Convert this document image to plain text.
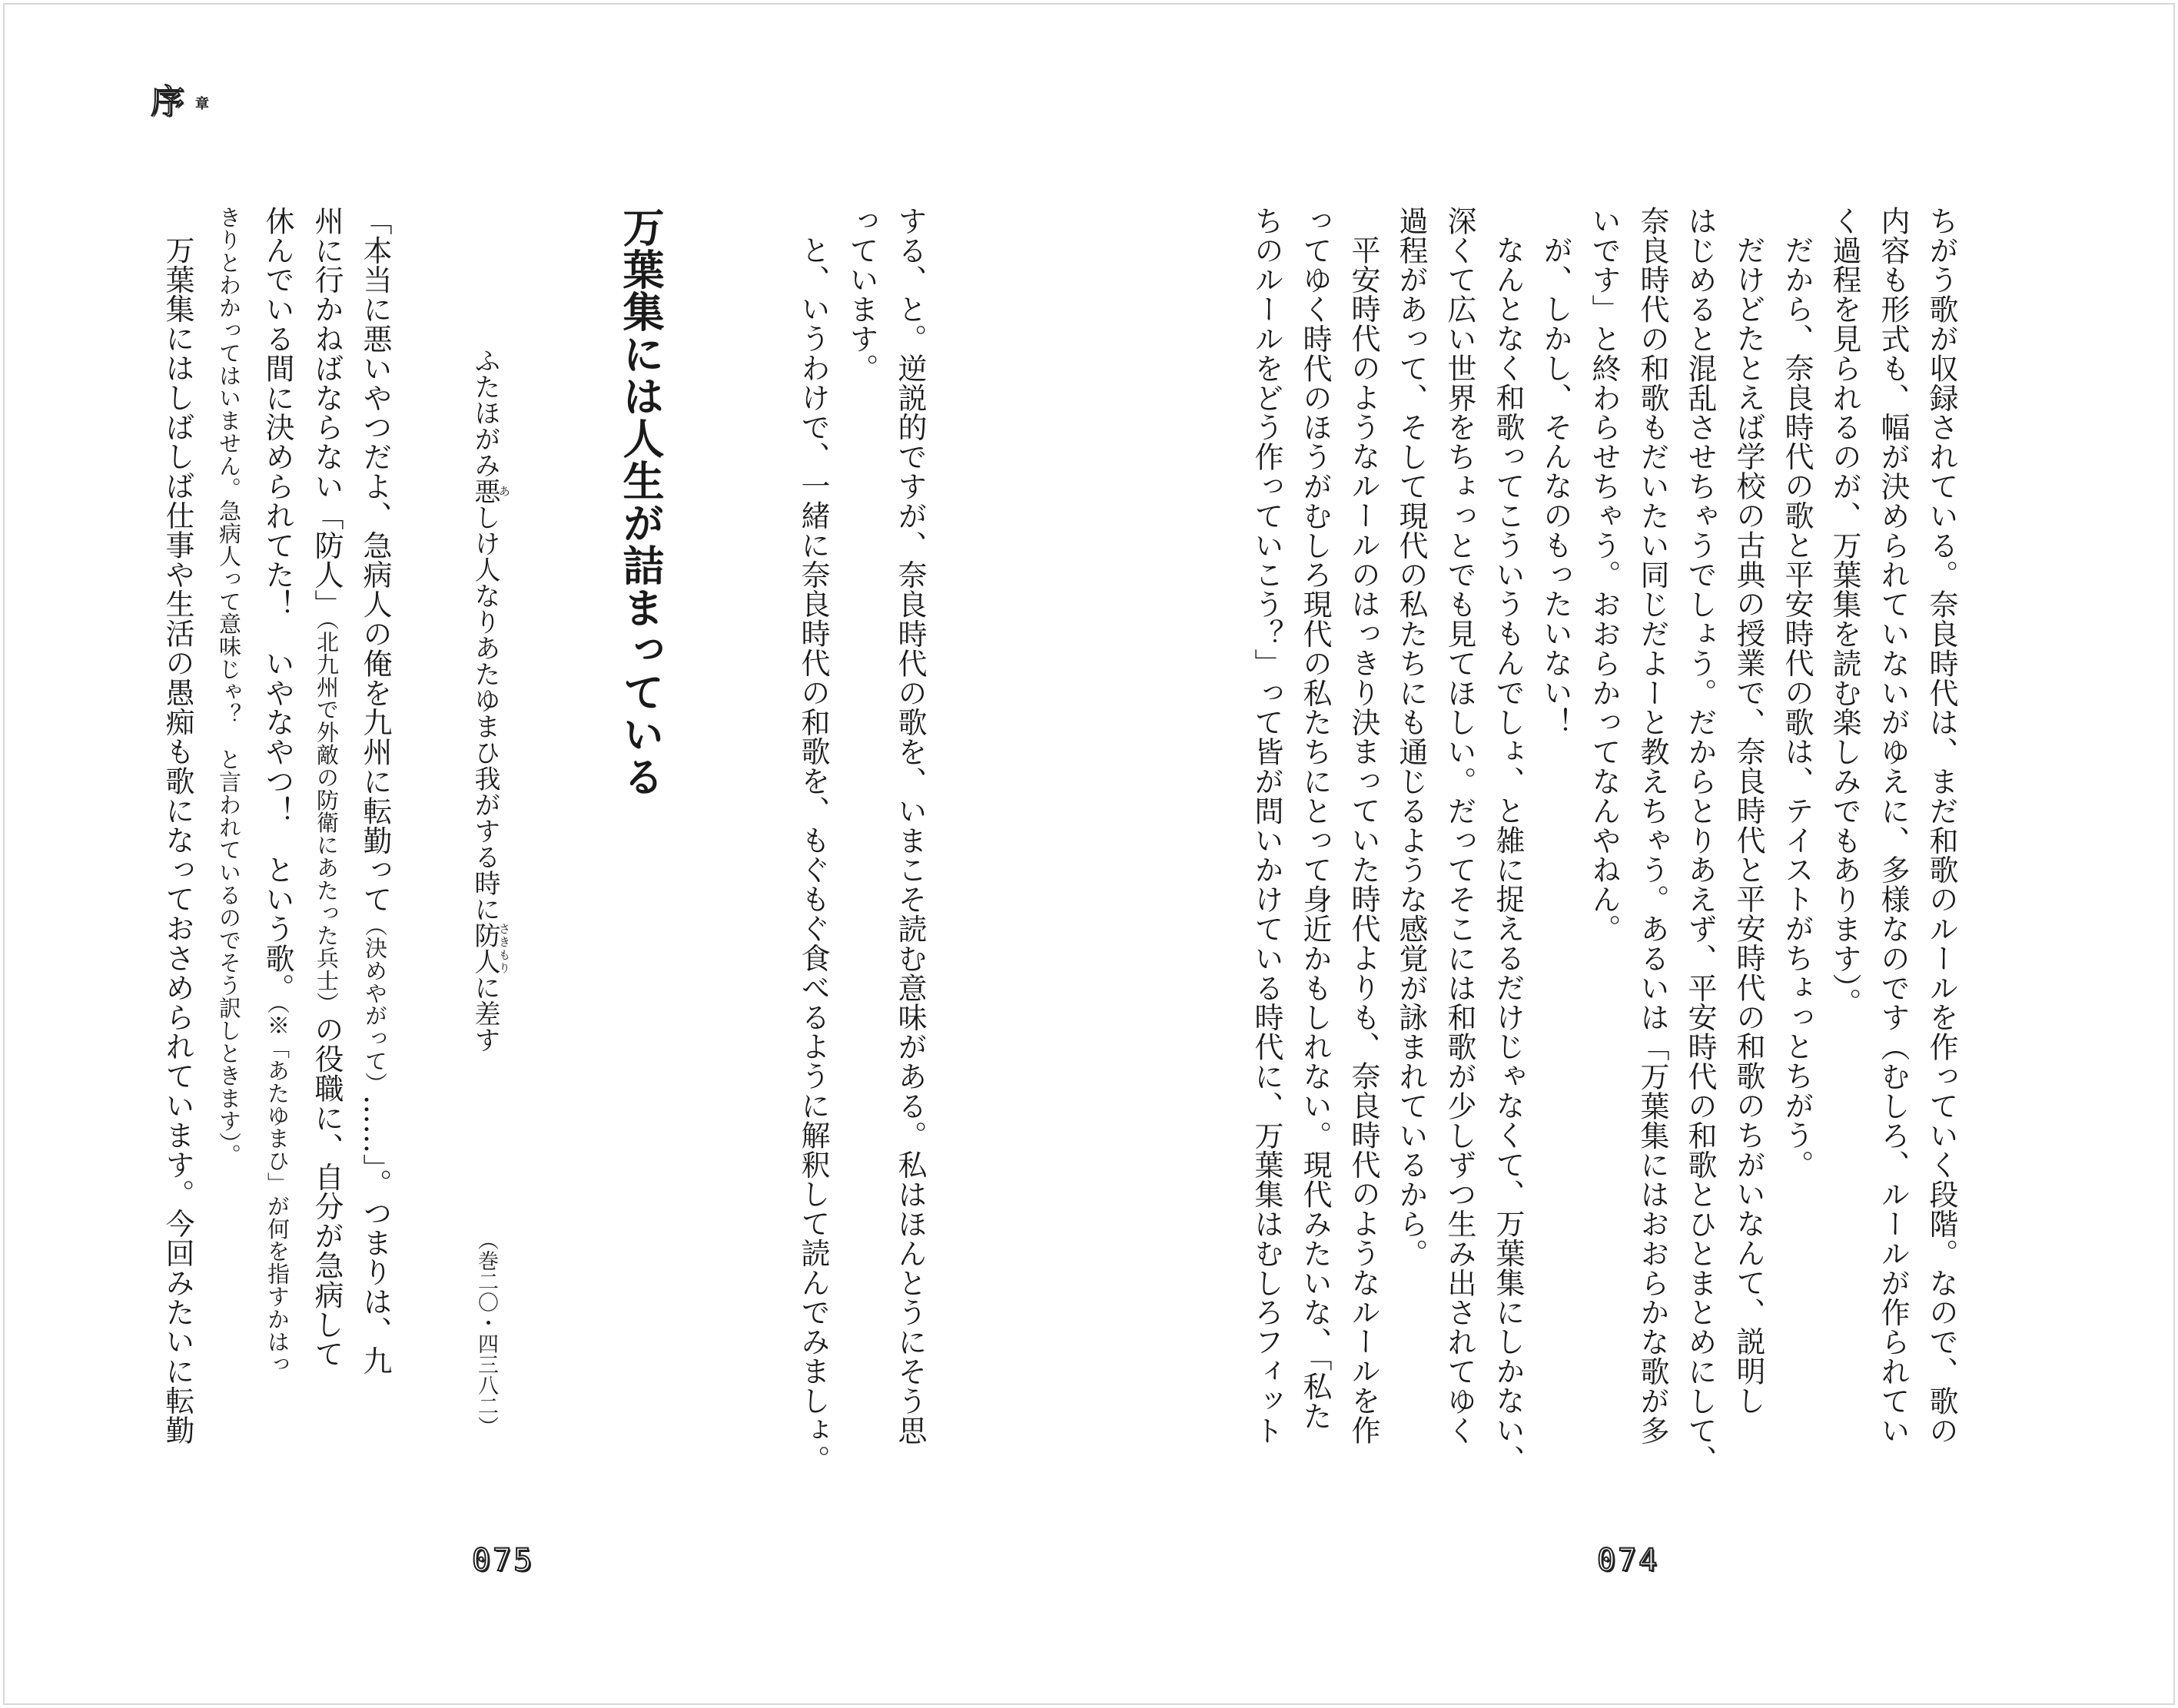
序章
ちがう歌が収録されている。奈良時代は、まだ和歌のルールを作っていく段階。なので、歌の
内容も形式も、幅が決められていないがゆえに、多様なのです（むしろ、ルールが作られてい
く過程を見られるのが、万葉集を読む楽しみでもあります）。
だから、奈良時代の歌と平安時代の歌は、テイストがちょっとちがう。
だけどたとえば学校の古典の授業で、奈良時代と平安時代の和歌のちがいなんて、説明し
はじめると混乱させちゃうでしょう。だからとりあえず、平安時代の和歌とひとまとめにして、
奈良時代の和歌もだいたい同じだよーと教えちゃう。あるいは「万葉集にはおおらかな歌が多
いです」と終わらせちゃう。おおらかってなんやねん。
が、しかし、そんなのもったいない！
なんとなく和歌ってこういうもんでしょ、と雑に捉えるだけじゃなくて、万葉集にしかない、
深くて広い世界をちょっとでも見てほしい。だってそこには和歌が少しずつ生み出されてゆく
過程があって、そして現代の私たちにも通じるような感覚が詠まれているから。
平安時代のようなルールのはっきり決まっていた時代よりも、奈良時代のようなルールを作
ってゆく時代のほうがむしろ現代の私たちにとって身近かもしれない。現代みたいな、「私た
ちのルールをどう作っていこう？」って皆が問いかけている時代に、万葉集はむしろフィット
074
する、と。逆説的ですが、奈良時代の歌を、いまこそ読む意味がある。私はほんとうにそう思
っています。
と、いうわけで、一緒に奈良時代の和歌を、もぐもぐ食べるように解釈して読んでみましょ。
万葉集には人生が詰まっている
ふたほがみ悪あしけ人なりあたゆまひ我がする時に防人さきもりに差す
（巻二〇・四三八二）
「本当に悪いやつだよ、急病人の俺を九州に転勤って（決めやがって）……」。つまりは、九
州に行かねばならない「防人」（北九州で外敵の防衛にあたった兵士）の役職に、自分が急病して
休んでいる間に決められてた！　いやなやつ！　という歌。（※「あたゆまひ」が何を指すかはっ
きりとわかってはいません。急病人って意味じゃ？　と言われているのでそう訳しときます）。
万葉集にはしばしば仕事や生活の愚痴も歌になっておさめられています。今回みたいに転勤
075
